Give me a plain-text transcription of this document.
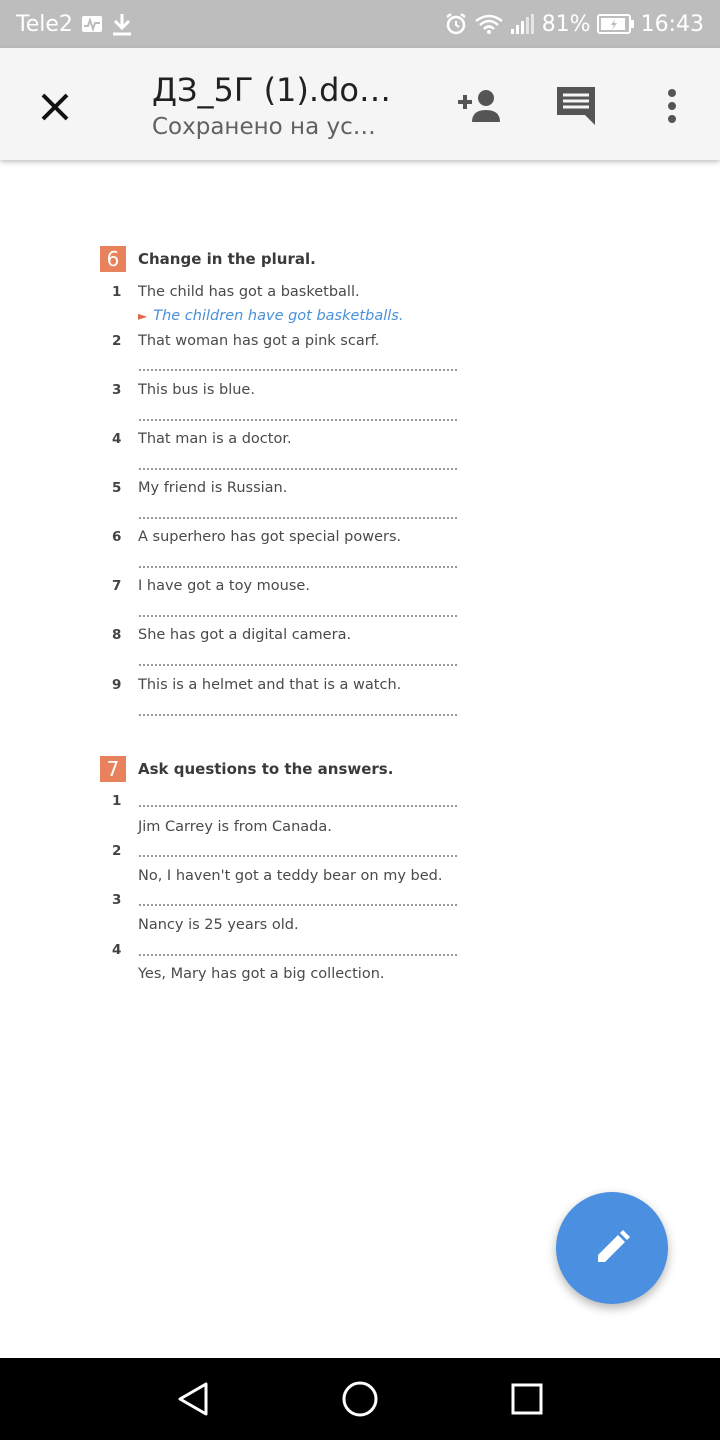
Tele2	81% 16:43
ДЗ_5Г (1).do…
Сохранено на ус…
6	Change in the plural.
1	The child has got a basketball.
► The children have got basketballs.
2	That woman has got a pink scarf.
3	This bus is blue.
4	That man is a doctor.
5	My friend is Russian.
6	A superhero has got special powers.
7	I have got a toy mouse.
8	She has got a digital camera.
9	This is a helmet and that is a watch.
7	Ask questions to the answers.
1
Jim Carrey is from Canada.
2
No, I haven't got a teddy bear on my bed.
3
Nancy is 25 years old.
4
Yes, Mary has got a big collection.
